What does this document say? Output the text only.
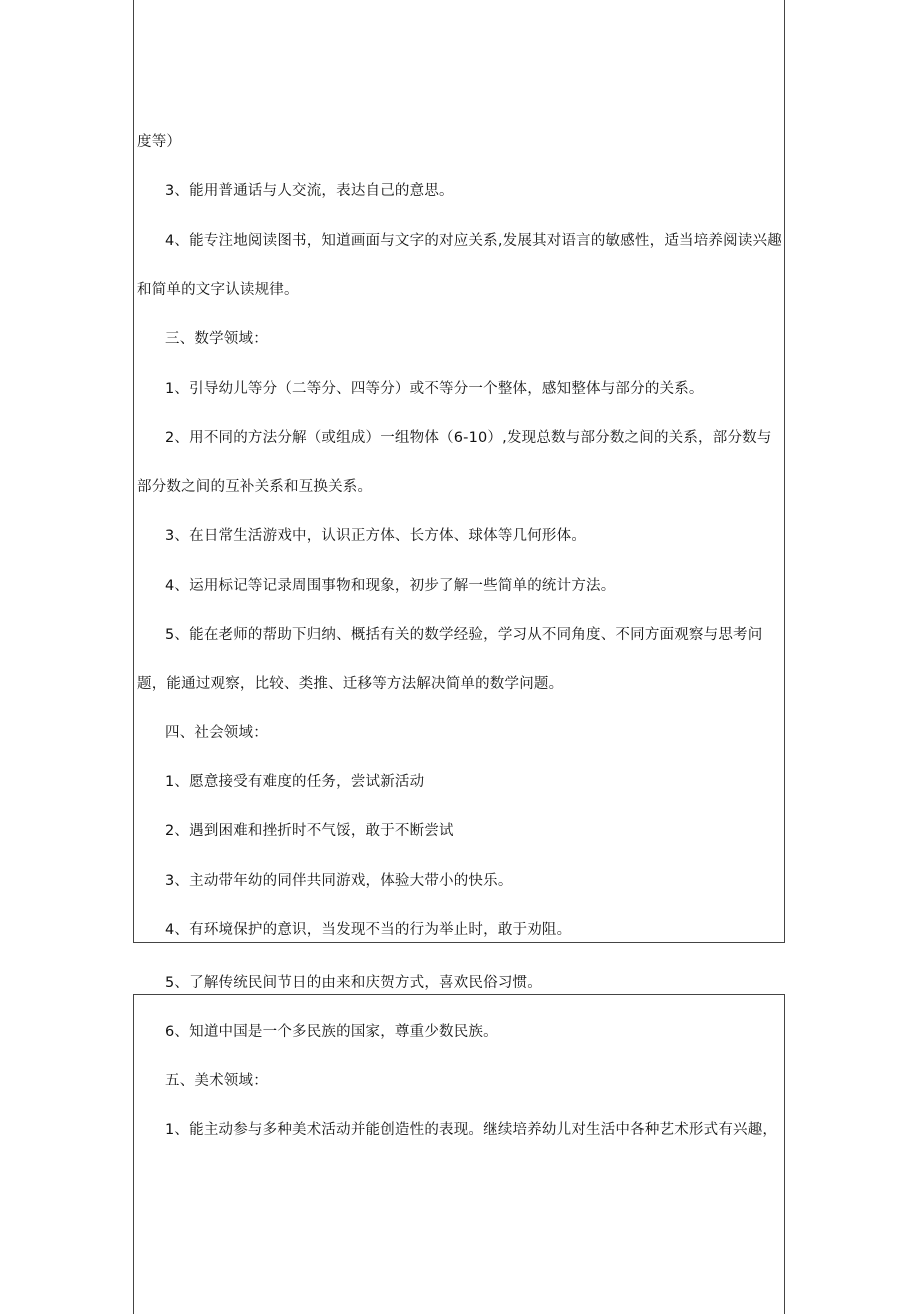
度等）
3、能用普通话与人交流，表达自己的意思。
4、能专注地阅读图书，知道画面与文字的对应关系,发展其对语言的敏感性，适当培养阅读兴趣
和简单的文字认读规律。
三、数学领域：
1、引导幼儿等分（二等分、四等分）或不等分一个整体，感知整体与部分的关系。
2、用不同的方法分解（或组成）一组物体（6-10）,发现总数与部分数之间的关系，部分数与
部分数之间的互补关系和互换关系。
3、在日常生活游戏中，认识正方体、长方体、球体等几何形体。
4、运用标记等记录周围事物和现象，初步了解一些简单的统计方法。
5、能在老师的帮助下归纳、概括有关的数学经验，学习从不同角度、不同方面观察与思考问
题，能通过观察，比较、类推、迁移等方法解决简单的数学问题。
四、社会领域：
1、愿意接受有难度的任务，尝试新活动
2、遇到困难和挫折时不气馁，敢于不断尝试
3、主动带年幼的同伴共同游戏，体验大带小的快乐。
4、有环境保护的意识，当发现不当的行为举止时，敢于劝阻。
5、了解传统民间节日的由来和庆贺方式，喜欢民俗习惯。
6、知道中国是一个多民族的国家，尊重少数民族。
五、美术领域：
1、能主动参与多种美术活动并能创造性的表现。继续培养幼儿对生活中各种艺术形式有兴趣，
